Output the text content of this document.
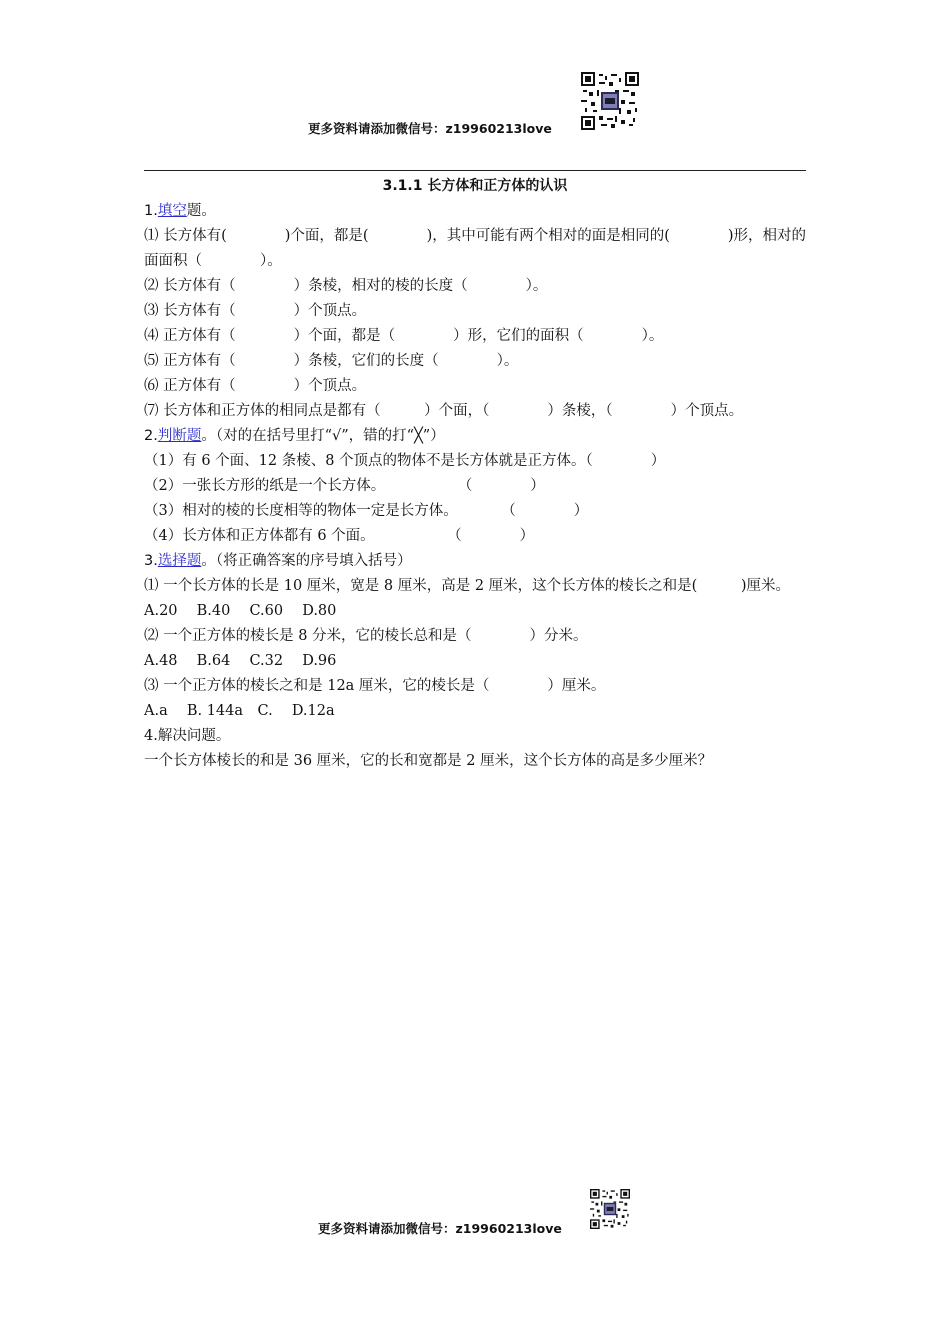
更多资料请添加微信号：z19960213love
3.1.1 长方体和正方体的认识
1.填空题。
⑴ 长方体有(　　　　)个面，都是(　　　　)，其中可能有两个相对的面是相同的(　　　　)形，相对的面面积（　　　　）。
⑵ 长方体有（　　　　）条棱，相对的棱的长度（　　　　）。
⑶ 长方体有（　　　　）个顶点。
⑷ 正方体有（　　　　）个面，都是（　　　　）形，它们的面积（　　　　）。
⑸ 正方体有（　　　　）条棱，它们的长度（　　　　）。
⑹ 正方体有（　　　　）个顶点。
⑺ 长方体和正方体的相同点是都有（　　　）个面，（　　　　）条棱，（　　　　）个顶点。
2.判断题。（对的在括号里打“√”，错的打“╳”）
（1）有 6 个面、12 条棱、8 个顶点的物体不是长方体就是正方体。（　　　　）
（2）一张长方形的纸是一个长方体。　　　　　　（　　　　）
（3）相对的棱的长度相等的物体一定是长方体。　　　　（　　　　）
（4）长方体和正方体都有 6 个面。　　　　　　（　　　　）
3.选择题。（将正确答案的序号填入括号）
⑴ 一个长方体的长是 10 厘米，宽是 8 厘米，高是 2 厘米，这个长方体的棱长之和是(　　　)厘米。
A.20　 B.40　 C.60　 D.80
⑵ 一个正方体的棱长是 8 分米，它的棱长总和是（　　　　）分米。
A.48　 B.64　 C.32　 D.96
⑶ 一个正方体的棱长之和是 12a 厘米，它的棱长是（　　　　）厘米。
A.a　 B. 144a　C.　 D.12a
4.解决问题。
一个长方体棱长的和是 36 厘米，它的长和宽都是 2 厘米，这个长方体的高是多少厘米？
更多资料请添加微信号：z19960213love
